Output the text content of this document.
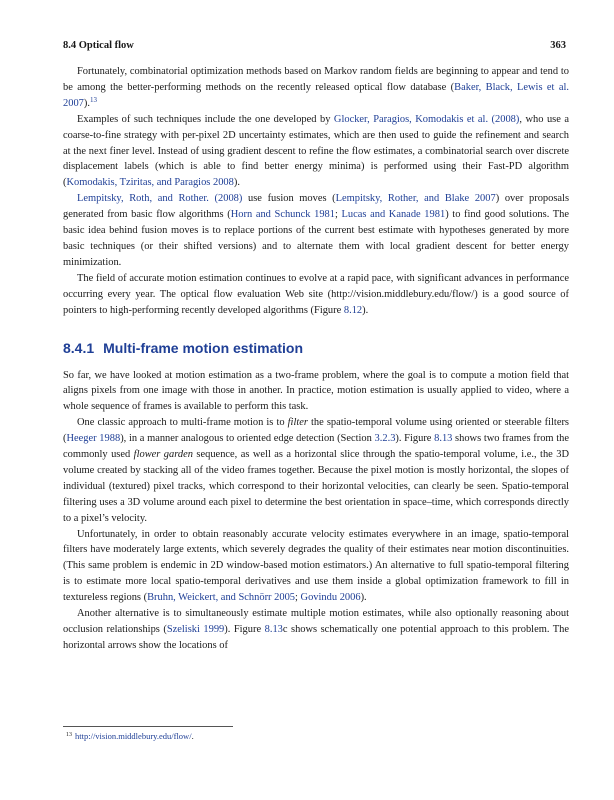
8.4 Optical flow	363

Fortunately, combinatorial optimization methods based on Markov random fields are beginning to appear and tend to be among the better-performing methods on the recently released optical flow database (Baker, Black, Lewis et al. 2007).$^{13}$

Examples of such techniques include the one developed by Glocker, Paragios, Komodakis et al. (2008), who use a coarse-to-fine strategy with per-pixel 2D uncertainty estimates, which are then used to guide the refinement and search at the next finer level. Instead of using gradient descent to refine the flow estimates, a combinatorial search over discrete displacement labels (which is able to find better energy minima) is performed using their Fast-PD algorithm (Komodakis, Tziritas, and Paragios 2008).

Lempitsky, Roth, and Rother. (2008) use fusion moves (Lempitsky, Rother, and Blake 2007) over proposals generated from basic flow algorithms (Horn and Schunck 1981; Lucas and Kanade 1981) to find good solutions. The basic idea behind fusion moves is to replace portions of the current best estimate with hypotheses generated by more basic techniques (or their shifted versions) and to alternate them with local gradient descent for better energy minimization.

The field of accurate motion estimation continues to evolve at a rapid pace, with significant advances in performance occurring every year. The optical flow evaluation Web site (http://vision.middlebury.edu/flow/) is a good source of pointers to high-performing recently developed algorithms (Figure 8.12).

8.4.1 Multi-frame motion estimation

So far, we have looked at motion estimation as a two-frame problem, where the goal is to compute a motion field that aligns pixels from one image with those in another. In practice, motion estimation is usually applied to video, where a whole sequence of frames is available to perform this task.

One classic approach to multi-frame motion is to filter the spatio-temporal volume using oriented or steerable filters (Heeger 1988), in a manner analogous to oriented edge detection (Section 3.2.3). Figure 8.13 shows two frames from the commonly used flower garden sequence, as well as a horizontal slice through the spatio-temporal volume, i.e., the 3D volume created by stacking all of the video frames together. Because the pixel motion is mostly horizontal, the slopes of individual (textured) pixel tracks, which correspond to their horizontal velocities, can clearly be seen. Spatio-temporal filtering uses a 3D volume around each pixel to determine the best orientation in space–time, which corresponds directly to a pixel’s velocity.

Unfortunately, in order to obtain reasonably accurate velocity estimates everywhere in an image, spatio-temporal filters have moderately large extents, which severely degrades the quality of their estimates near motion discontinuities. (This same problem is endemic in 2D window-based motion estimators.) An alternative to full spatio-temporal filtering is to estimate more local spatio-temporal derivatives and use them inside a global optimization framework to fill in textureless regions (Bruhn, Weickert, and Schnörr 2005; Govindu 2006).

Another alternative is to simultaneously estimate multiple motion estimates, while also optionally reasoning about occlusion relationships (Szeliski 1999). Figure 8.13c shows schematically one potential approach to this problem. The horizontal arrows show the locations of

$^{13}$ http://vision.middlebury.edu/flow/.
